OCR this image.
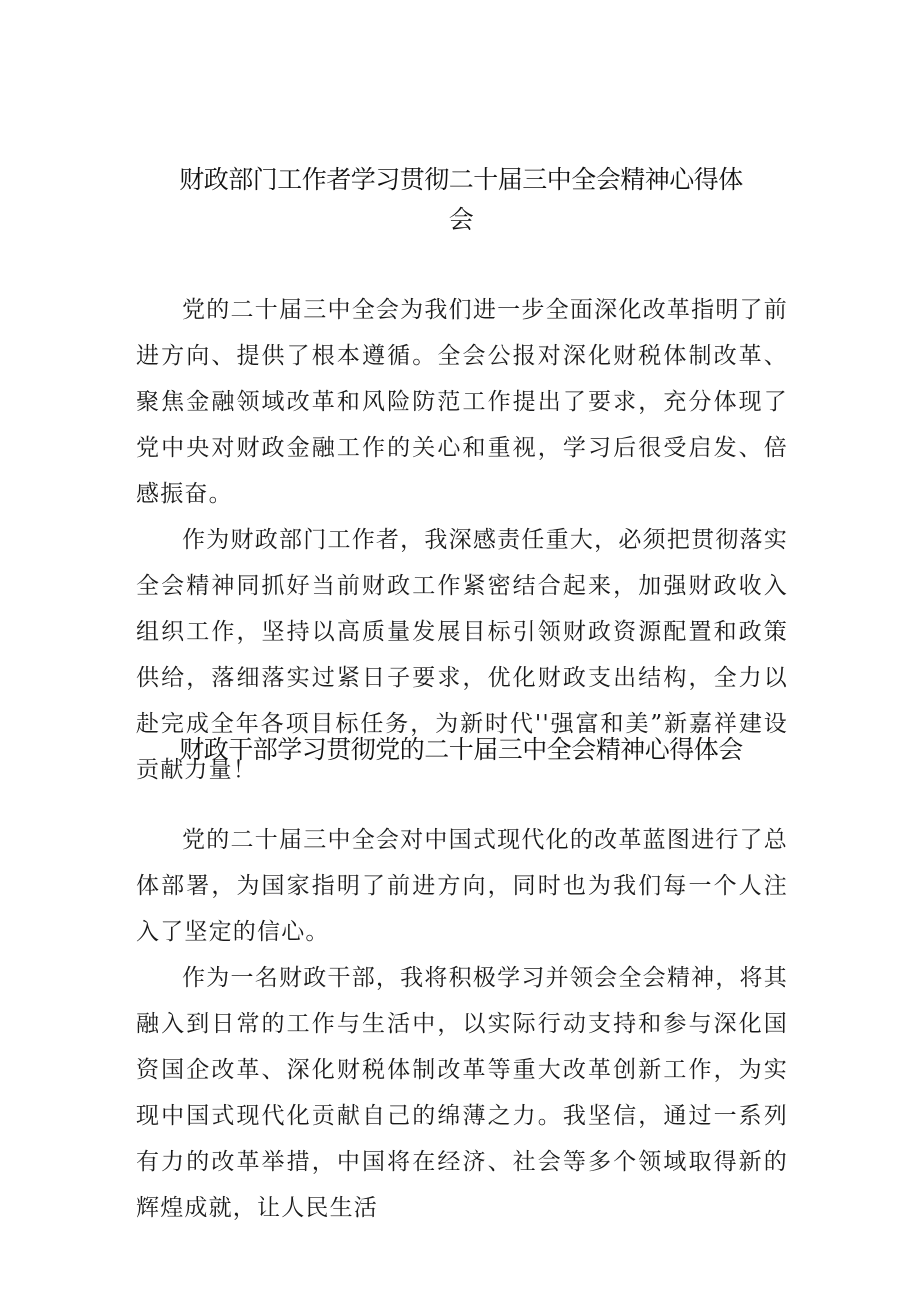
财政部门工作者学习贯彻二十届三中全会精神心得体
会

党的二十届三中全会为我们进一步全面深化改革指明了前进方向、提供了根本遵循。全会公报对深化财税体制改革、聚焦金融领域改革和风险防范工作提出了要求，充分体现了党中央对财政金融工作的关心和重视，学习后很受启发、倍感振奋。

作为财政部门工作者，我深感责任重大，必须把贯彻落实全会精神同抓好当前财政工作紧密结合起来，加强财政收入组织工作，坚持以高质量发展目标引领财政资源配置和政策供给，落细落实过紧日子要求，优化财政支出结构，全力以赴完成全年各项目标任务，为新时代''强富和美”新嘉祥建设贡献力量！

财政干部学习贯彻党的二十届三中全会精神心得体会

党的二十届三中全会对中国式现代化的改革蓝图进行了总体部署，为国家指明了前进方向，同时也为我们每一个人注入了坚定的信心。

作为一名财政干部，我将积极学习并领会全会精神，将其融入到日常的工作与生活中，以实际行动支持和参与深化国资国企改革、深化财税体制改革等重大改革创新工作，为实现中国式现代化贡献自己的绵薄之力。我坚信，通过一系列有力的改革举措，中国将在经济、社会等多个领域取得新的辉煌成就，让人民生活
